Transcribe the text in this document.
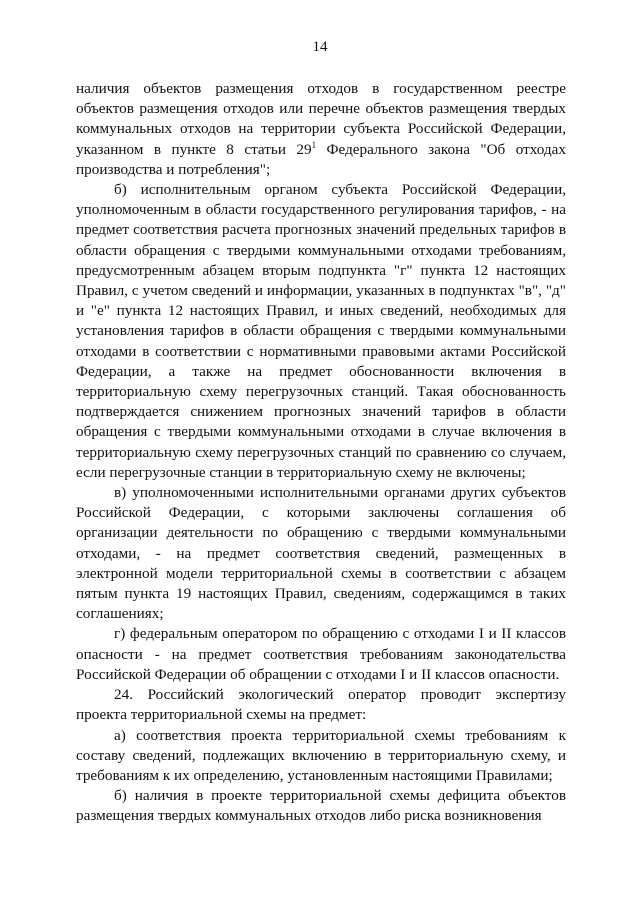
14

наличия объектов размещения отходов в государственном реестре объектов размещения отходов или перечне объектов размещения твердых коммунальных отходов на территории субъекта Российской Федерации, указанном в пункте 8 статьи $29^1$ Федерального закона "Об отходах производства и потребления";

б) исполнительным органом субъекта Российской Федерации, уполномоченным в области государственного регулирования тарифов, - на предмет соответствия расчета прогнозных значений предельных тарифов в области обращения с твердыми коммунальными отходами требованиям, предусмотренным абзацем вторым подпункта "г" пункта 12 настоящих Правил, с учетом сведений и информации, указанных в подпунктах "в", "д" и "е" пункта 12 настоящих Правил, и иных сведений, необходимых для установления тарифов в области обращения с твердыми коммунальными отходами в соответствии с нормативными правовыми актами Российской Федерации, а также на предмет обоснованности включения в территориальную схему перегрузочных станций. Такая обоснованность подтверждается снижением прогнозных значений тарифов в области обращения с твердыми коммунальными отходами в случае включения в территориальную схему перегрузочных станций по сравнению со случаем, если перегрузочные станции в территориальную схему не включены;

в) уполномоченными исполнительными органами других субъектов Российской Федерации, с которыми заключены соглашения об организации деятельности по обращению с твердыми коммунальными отходами, - на предмет соответствия сведений, размещенных в электронной модели территориальной схемы в соответствии с абзацем пятым пункта 19 настоящих Правил, сведениям, содержащимся в таких соглашениях;

г) федеральным оператором по обращению с отходами I и II классов опасности - на предмет соответствия требованиям законодательства Российской Федерации об обращении с отходами I и II классов опасности.

24. Российский экологический оператор проводит экспертизу проекта территориальной схемы на предмет:

а) соответствия проекта территориальной схемы требованиям к составу сведений, подлежащих включению в территориальную схему, и требованиям к их определению, установленным настоящими Правилами;

б) наличия в проекте территориальной схемы дефицита объектов размещения твердых коммунальных отходов либо риска возникновения
